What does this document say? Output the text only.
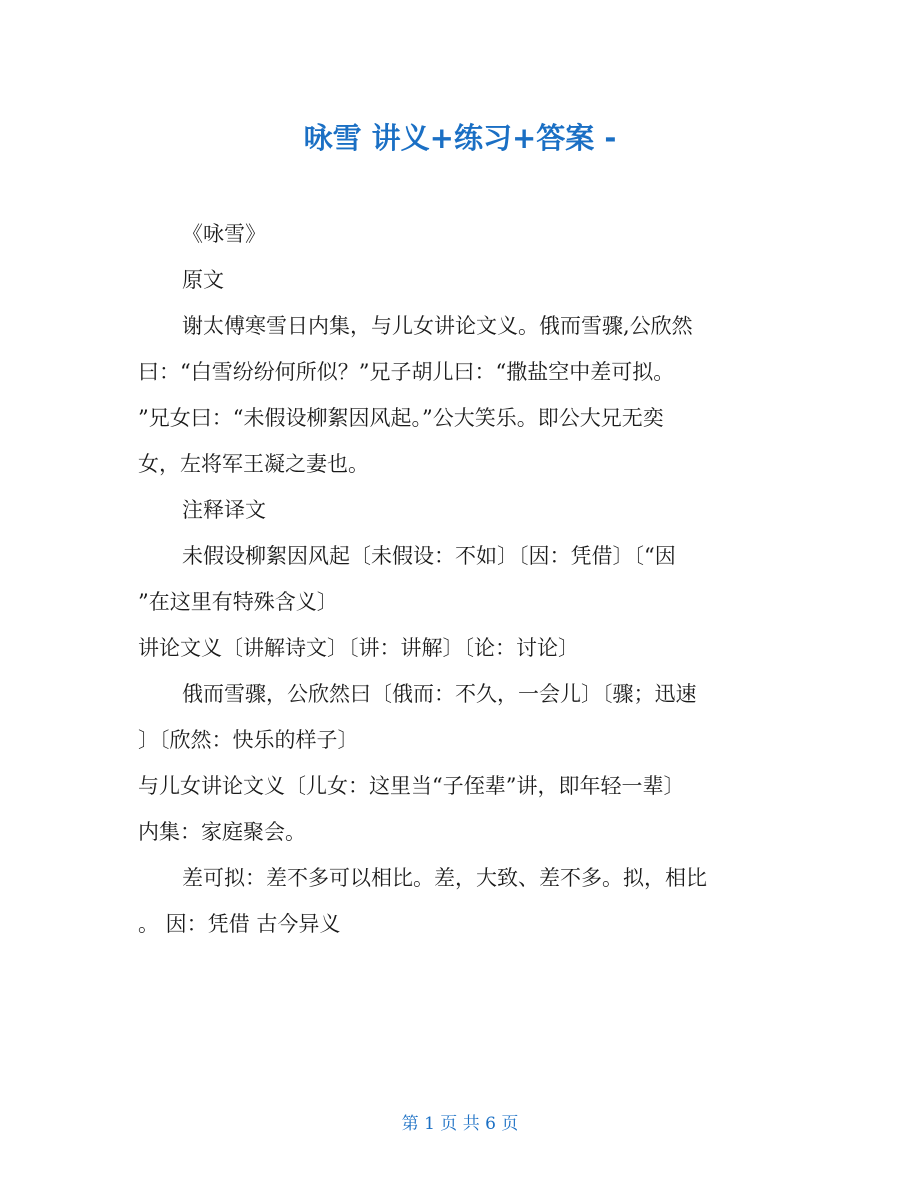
咏雪 讲义+练习+答案 -

《咏雪》

原文

谢太傅寒雪日内集，与儿女讲论文义。俄而雪骤,公欣然

曰：“白雪纷纷何所似？”兄子胡儿曰：“撒盐空中差可拟。

”兄女曰：“未假设柳絮因风起。”公大笑乐。即公大兄无奕

女，左将军王凝之妻也。

注释译文

未假设柳絮因风起〔未假设：不如〕〔因：凭借〕〔“因

”在这里有特殊含义〕

讲论文义〔讲解诗文〕〔讲：讲解〕〔论：讨论〕

俄而雪骤，公欣然曰〔俄而：不久，一会儿〕〔骤；迅速

〕〔欣然：快乐的样子〕

与儿女讲论文义〔儿女：这里当“子侄辈”讲，即年轻一辈〕

内集：家庭聚会。

差可拟：差不多可以相比。差，大致、差不多。拟，相比

。 因：凭借 古今异义

第 1 页 共 6 页
